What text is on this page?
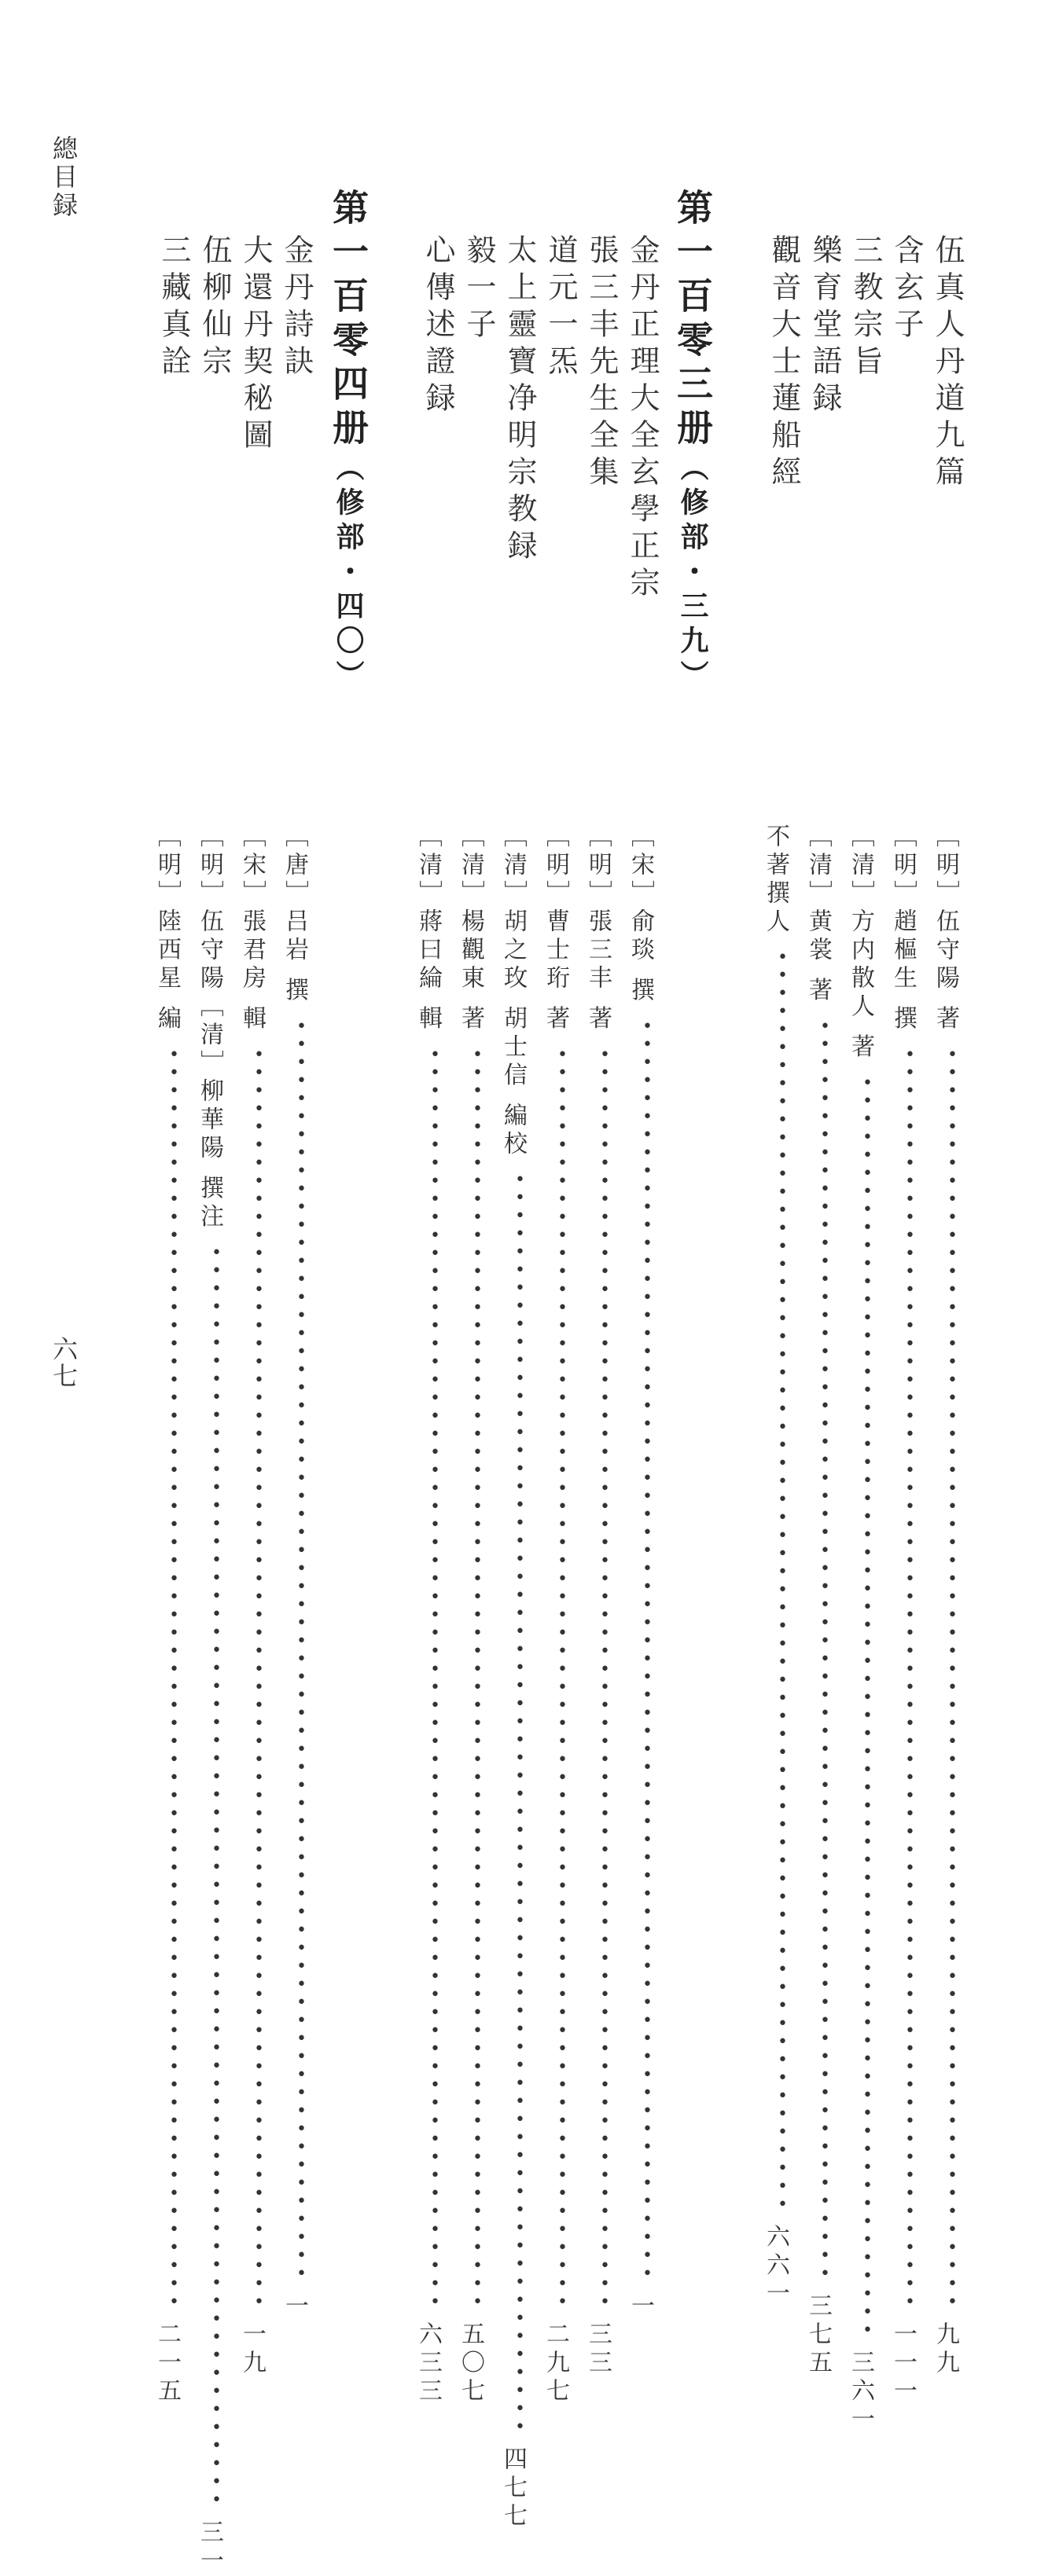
總目録
六七
伍真人丹道九篇
含玄子
三教宗旨
樂育堂語録
觀音大士蓮船經
第一百零三册（修部・三九）
金丹正理大全玄學正宗
張三丰先生全集
道元一炁
太上靈寶净明宗教録
毅一子
心傳述證録
第一百零四册（修部・四〇）
金丹詩訣
大還丹契秘圖
伍柳仙宗
三藏真詮
［明］伍守陽 著
••••••••••••••••••••••••••••••••••••••••••••••••••••••••••••••••••••••
九九
［明］趙樞生 撰
••••••••••••••••••••••••••••••••••••••••••••••••••••••••••••••••••••••
一一一
［清］方内散人 著
••••••••••••••••••••••••••••••••••••••••••••••••••••••••••••••••••••••
三六一
［清］黄裳 著
••••••••••••••••••••••••••••••••••••••••••••••••••••••••••••••••••••••
三七五
不著撰人
••••••••••••••••••••••••••••••••••••••••••••••••••••••••••••••••••••••
六六一
［宋］俞琰 撰
••••••••••••••••••••••••••••••••••••••••••••••••••••••••••••••••••••••
一
［明］張三丰 著
••••••••••••••••••••••••••••••••••••••••••••••••••••••••••••••••••••••
三三
［明］曹士珩 著
••••••••••••••••••••••••••••••••••••••••••••••••••••••••••••••••••••••
二九七
［清］胡之玫 胡士信 編校
••••••••••••••••••••••••••••••••••••••••••••••••••••••••••••••••••••••
四七七
［清］楊觀東 著
••••••••••••••••••••••••••••••••••••••••••••••••••••••••••••••••••••••
五〇七
［清］蔣曰綸 輯
••••••••••••••••••••••••••••••••••••••••••••••••••••••••••••••••••••••
六三三
［唐］吕岩 撰
••••••••••••••••••••••••••••••••••••••••••••••••••••••••••••••••••••••
一
［宋］張君房 輯
••••••••••••••••••••••••••••••••••••••••••••••••••••••••••••••••••••••
一九
［明］伍守陽［清］柳華陽 撰注
••••••••••••••••••••••••••••••••••••••••••••••••••••••••••••••••••••••
三一
［明］陸西星 編
••••••••••••••••••••••••••••••••••••••••••••••••••••••••••••••••••••••
二一五
